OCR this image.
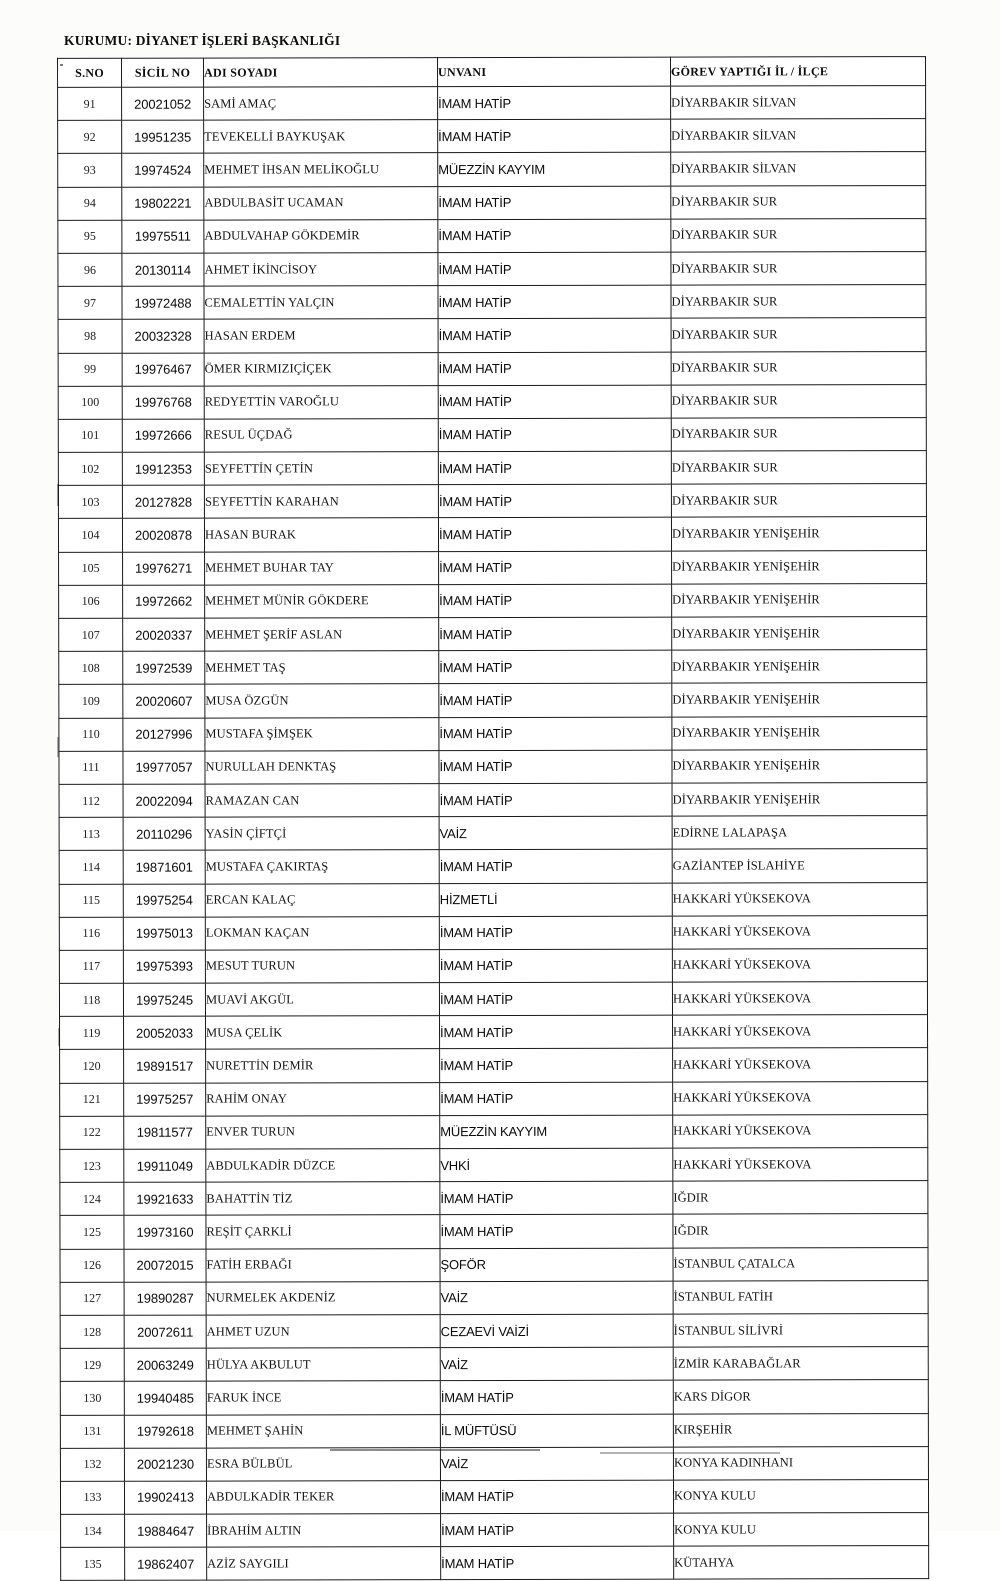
KURUMU: DİYANET İŞLERİ BAŞKANLIĞI
S.NO	SİCİL NO	ADI SOYADI	UNVANI	GÖREV YAPTIĞI İL / İLÇE
91	20021052	SAMİ AMAÇ	İMAM HATİP	DİYARBAKIR SİLVAN
92	19951235	TEVEKELLİ BAYKUŞAK	İMAM HATİP	DİYARBAKIR SİLVAN
93	19974524	MEHMET İHSAN MELİKOĞLU	MÜEZZİN KAYYIM	DİYARBAKIR SİLVAN
94	19802221	ABDULBASİT UCAMAN	İMAM HATİP	DİYARBAKIR SUR
95	19975511	ABDULVAHAP GÖKDEMİR	İMAM HATİP	DİYARBAKIR SUR
96	20130114	AHMET İKİNCİSOY	İMAM HATİP	DİYARBAKIR SUR
97	19972488	CEMALETTİN YALÇIN	İMAM HATİP	DİYARBAKIR SUR
98	20032328	HASAN ERDEM	İMAM HATİP	DİYARBAKIR SUR
99	19976467	ÖMER KIRMIZIÇİÇEK	İMAM HATİP	DİYARBAKIR SUR
100	19976768	REDYETTİN VAROĞLU	İMAM HATİP	DİYARBAKIR SUR
101	19972666	RESUL ÜÇDAĞ	İMAM HATİP	DİYARBAKIR SUR
102	19912353	SEYFETTİN ÇETİN	İMAM HATİP	DİYARBAKIR SUR
103	20127828	SEYFETTİN KARAHAN	İMAM HATİP	DİYARBAKIR SUR
104	20020878	HASAN BURAK	İMAM HATİP	DİYARBAKIR YENİŞEHİR
105	19976271	MEHMET BUHAR TAY	İMAM HATİP	DİYARBAKIR YENİŞEHİR
106	19972662	MEHMET MÜNİR GÖKDERE	İMAM HATİP	DİYARBAKIR YENİŞEHİR
107	20020337	MEHMET ŞERİF ASLAN	İMAM HATİP	DİYARBAKIR YENİŞEHİR
108	19972539	MEHMET TAŞ	İMAM HATİP	DİYARBAKIR YENİŞEHİR
109	20020607	MUSA ÖZGÜN	İMAM HATİP	DİYARBAKIR YENİŞEHİR
110	20127996	MUSTAFA ŞİMŞEK	İMAM HATİP	DİYARBAKIR YENİŞEHİR
111	19977057	NURULLAH DENKTAŞ	İMAM HATİP	DİYARBAKIR YENİŞEHİR
112	20022094	RAMAZAN CAN	İMAM HATİP	DİYARBAKIR YENİŞEHİR
113	20110296	YASİN ÇİFTÇİ	VAİZ	EDİRNE LALAPAŞA
114	19871601	MUSTAFA ÇAKIRTAŞ	İMAM HATİP	GAZİANTEP İSLAHİYE
115	19975254	ERCAN KALAÇ	HİZMETLİ	HAKKARİ YÜKSEKOVA
116	19975013	LOKMAN KAÇAN	İMAM HATİP	HAKKARİ YÜKSEKOVA
117	19975393	MESUT TURUN	İMAM HATİP	HAKKARİ YÜKSEKOVA
118	19975245	MUAVİ AKGÜL	İMAM HATİP	HAKKARİ YÜKSEKOVA
119	20052033	MUSA ÇELİK	İMAM HATİP	HAKKARİ YÜKSEKOVA
120	19891517	NURETTİN DEMİR	İMAM HATİP	HAKKARİ YÜKSEKOVA
121	19975257	RAHİM ONAY	İMAM HATİP	HAKKARİ YÜKSEKOVA
122	19811577	ENVER TURUN	MÜEZZİN KAYYIM	HAKKARİ YÜKSEKOVA
123	19911049	ABDULKADİR DÜZCE	VHKİ	HAKKARİ YÜKSEKOVA
124	19921633	BAHATTİN TİZ	İMAM HATİP	IĞDIR
125	19973160	REŞİT ÇARKLİ	İMAM HATİP	IĞDIR
126	20072015	FATİH ERBAĞI	ŞOFÖR	İSTANBUL ÇATALCA
127	19890287	NURMELEK AKDENİZ	VAİZ	İSTANBUL FATİH
128	20072611	AHMET UZUN	CEZAEVİ VAİZİ	İSTANBUL SİLİVRİ
129	20063249	HÜLYA AKBULUT	VAİZ	İZMİR KARABAĞLAR
130	19940485	FARUK İNCE	İMAM HATİP	KARS DİGOR
131	19792618	MEHMET ŞAHİN	İL MÜFTÜSÜ	KIRŞEHİR
132	20021230	ESRA BÜLBÜL	VAİZ	KONYA KADINHANI
133	19902413	ABDULKADİR TEKER	İMAM HATİP	KONYA KULU
134	19884647	İBRAHİM ALTIN	İMAM HATİP	KONYA KULU
135	19862407	AZİZ SAYGILI	İMAM HATİP	KÜTAHYA
